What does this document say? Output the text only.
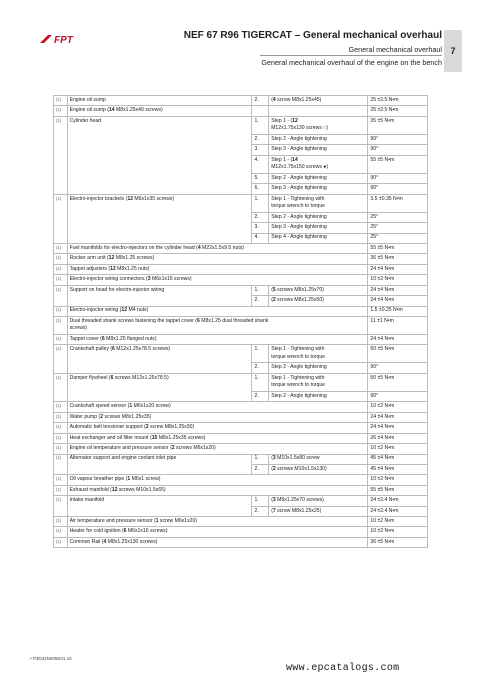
FPT	NEF 67 R96 TIGERCAT – General mechanical overhaul
General mechanical overhaul
General mechanical overhaul of the engine on the bench
7
(1)	Engine oil sump	2.	(4 screw M8x1.25x45)	25 ±2.5 N•m
(1)	Engine oil sump (14 M8x1.25x40 screws)			25 ±2.5 N•m
(1)	Cylinder head	1.	Step 1 - (12
M12x1.75x130 screws ○)	35 ±5 N•m
		2.	Step 2 - Angle tightening	90°
		3.	Step 3 - Angle tightening	90°
		4.	Step 1 - (14
M12x1.75x150 screws ●)	55 ±5 N•m
		5.	Step 2 - Angle tightening	90°
		6.	Step 3 - Angle tightening	90°
(1)	Electro-injector brackets (12 M6x1x35 screws)	1.	Step 1 - Tightening with
torque wrench to torque	3.5 ±0.35 N•m
		2.	Step 2 - Angle tightening	25°
		3.	Step 3 - Angle tightening	25°
		4.	Step 4 - Angle tightening	25°
(1)	Fuel manifolds for electro-injectors on the cylinder head (4 M22x1.5x9.5 nuts)			55 ±5 N•m
(1)	Rocker arm unit (12 M8x1.25 screws)			36 ±5 N•m
(1)	Tappet adjusters (12 M8x1.25 nuts)			24 ±4 N•m
(1)	Electro-injector wiring connectors (3 M6x1x16 screws)			10 ±2 N•m
(1)	Support on head for electro-injector wiring	1.	(5 screws M8x1.25x70)	24 ±4 N•m
		2.	(2 screws M8x1.25x50)	24 ±4 N•m
(1)	Electro-injector wiring (12 M4 nuts)			1.5 ±0.25 N•m
(1)	Dual threaded shank screws fastening the tappet cover (6 M8x1.25 dual threaded shank
screws)			11 ±1 N•m
(1)	Tappet cover (6 M8x1.25 flanged nuts)			24 ±4 N•m
(1)	Crankshaft pulley (6 M12x1.25x78.5 screws)	1.	Step 1 - Tightening with
torque wrench to torque	50 ±5 N•m
		2.	Step 2 - Angle tightening	90°
(1)	Damper flywheel (6 screws M12x1.25x78.5)	1.	Step 1 - Tightening with
torque wrench to torque	50 ±5 N•m
		2.	Step 2 - Angle tightening	90°
(1)	Crankshaft speed sensor (1 M6x1x20 screw)			10 ±2 N•m
(1)	Water pump (2 screws M8x1.25x35)			24 ±4 N•m
(1)	Automatic belt tensioner support (2 screw M8x1.25x30)			24 ±4 N•m
(1)	Heat exchanger and oil filter mount (15 M8x1.25x35 screws)			26 ±4 N•m
(1)	Engine oil temperature and pressure sensor (2 screws M6x1x20)			10 ±2 N•m
(1)	Alternator support and engine coolant inlet pipe	1.	(3 M10x1.5x80 screw	45 ±4 N•m
		2.	(2 screws M10x1.5x130)	45 ±4 N•m
(1)	Oil vapour breather pipe (1 M6x1 screw)			10 ±2 N•m
(1)	Exhaust manifold (12 screws M10x1.5x65)			55 ±5 N•m
(1)	Intake manifold	1.	(3 M8x1.25x70 screws)	24 ±2.4 N•m
		2.	(7 screw M8x1.25x25)	24 ±2.4 N•m
(1)	Air temperature and pressure sensor (1 screw M6x1x20)			10 ±2 N•m
(1)	Heater for cold ignition (6 M6x1x16 screws)			10 ±2 N•m
(1)	Common Rail (4 M8x1.25x130 screws)			36 ±5 N•m
• P3D32N005E01 16
www.epcatalogs.com
